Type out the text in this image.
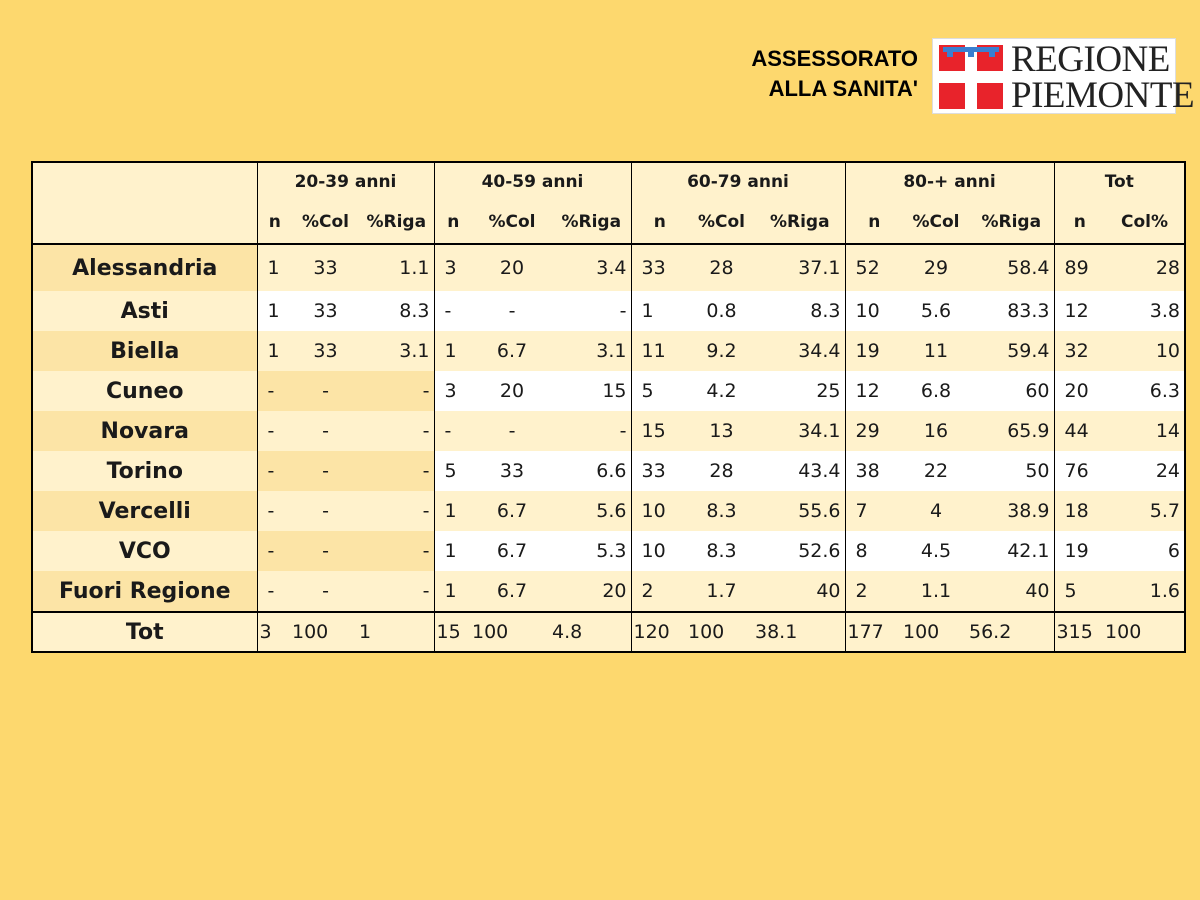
ASSESSORATO
ALLA SANITA'
REGIONE
PIEMONTE
	20-39 anni			40-59 anni			60-79 anni			80-+ anni			Tot	
	n	%Col	%Riga	n	%Col	%Riga	n	%Col	%Riga	n	%Col	%Riga	n	Col%
Alessandria	1	33	1.1	3	20	3.4	33	28	37.1	52	29	58.4	89	28
Asti	1	33	8.3	-	-	-	1	0.8	8.3	10	5.6	83.3	12	3.8
Biella	1	33	3.1	1	6.7	3.1	11	9.2	34.4	19	11	59.4	32	10
Cuneo	-	-	-	3	20	15	5	4.2	25	12	6.8	60	20	6.3
Novara	-	-	-	-	-	-	15	13	34.1	29	16	65.9	44	14
Torino	-	-	-	5	33	6.6	33	28	43.4	38	22	50	76	24
Vercelli	-	-	-	1	6.7	5.6	10	8.3	55.6	7	4	38.9	18	5.7
VCO	-	-	-	1	6.7	5.3	10	8.3	52.6	8	4.5	42.1	19	6
Fuori Regione	-	-	-	1	6.7	20	2	1.7	40	2	1.1	40	5	1.6
Tot	3	100	1	15	100	4.8	120	100	38.1	177	100	56.2	315	100
